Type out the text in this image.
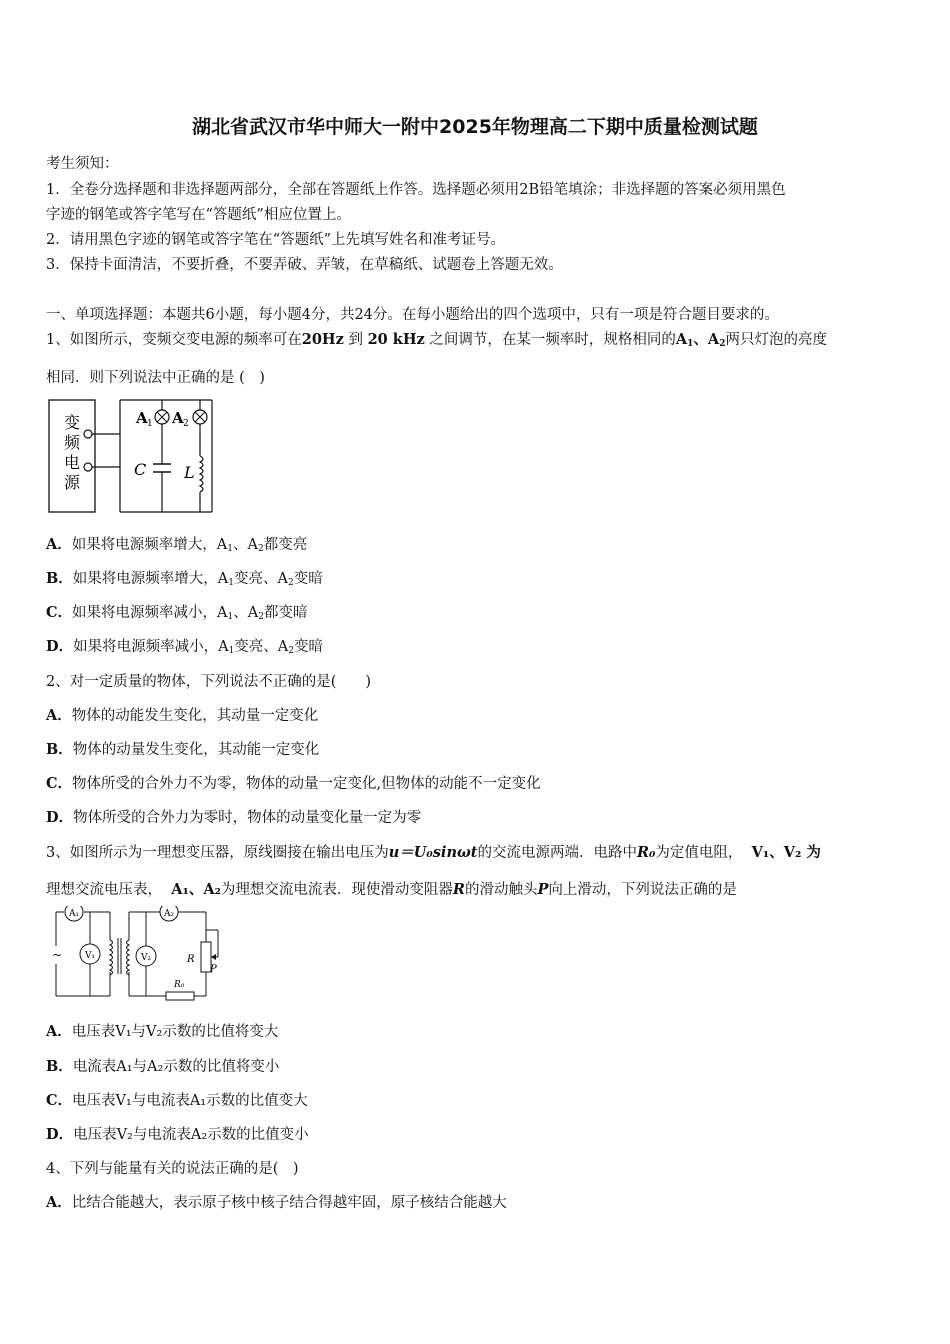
湖北省武汉市华中师大一附中2025年物理高二下期中质量检测试题
考生须知：
1．全卷分选择题和非选择题两部分，全部在答题纸上作答。选择题必须用2B铅笔填涂；非选择题的答案必须用黑色
字迹的钢笔或答字笔写在“答题纸”相应位置上。
2．请用黑色字迹的钢笔或答字笔在“答题纸”上先填写姓名和准考证号。
3．保持卡面清洁，不要折叠，不要弄破、弄皱，在草稿纸、试题卷上答题无效。
一、单项选择题：本题共6小题，每小题4分，共24分。在每小题给出的四个选项中，只有一项是符合题目要求的。
1、如图所示，变频交变电源的频率可在20Hz 到 20 kHz 之间调节，在某一频率时，规格相同的$A_1$、$A_2$两只灯泡的亮度
相同．则下列说法中正确的是 (　)
变
频
电
源
A 1 A 2
C L
A．如果将电源频率增大，$A_1$、$A_2$都变亮
B．如果将电源频率增大，$A_1$变亮、$A_2$变暗
C．如果将电源频率减小，$A_1$、$A_2$都变暗
D．如果将电源频率减小，$A_1$变亮、$A_2$变暗
2、对一定质量的物体，下列说法不正确的是(　　)
A．物体的动能发生变化，其动量一定变化
B．物体的动量发生变化，其动能一定变化
C．物体所受的合外力不为零，物体的动量一定变化,但物体的动能不一定变化
D．物体所受的合外力为零时，物体的动量变化量一定为零
3、如图所示为一理想变压器，原线圈接在输出电压为u＝U₀sinωt的交流电源两端．电路中R₀为定值电阻， V₁、V₂ 为
理想交流电压表， A₁、A₂为理想交流电流表．现使滑动变阻器R的滑动触头P向上滑动，下列说法正确的是
~
A₁
V₁
A₂
V₂	R
P
R₀
A．电压表V₁与V₂示数的比值将变大
B．电流表A₁与A₂示数的比值将变小
C．电压表V₁与电流表A₁示数的比值变大
D．电压表V₂与电流表A₂示数的比值变小
4、下列与能量有关的说法正确的是(　)
A．比结合能越大，表示原子核中核子结合得越牢固，原子核结合能越大
